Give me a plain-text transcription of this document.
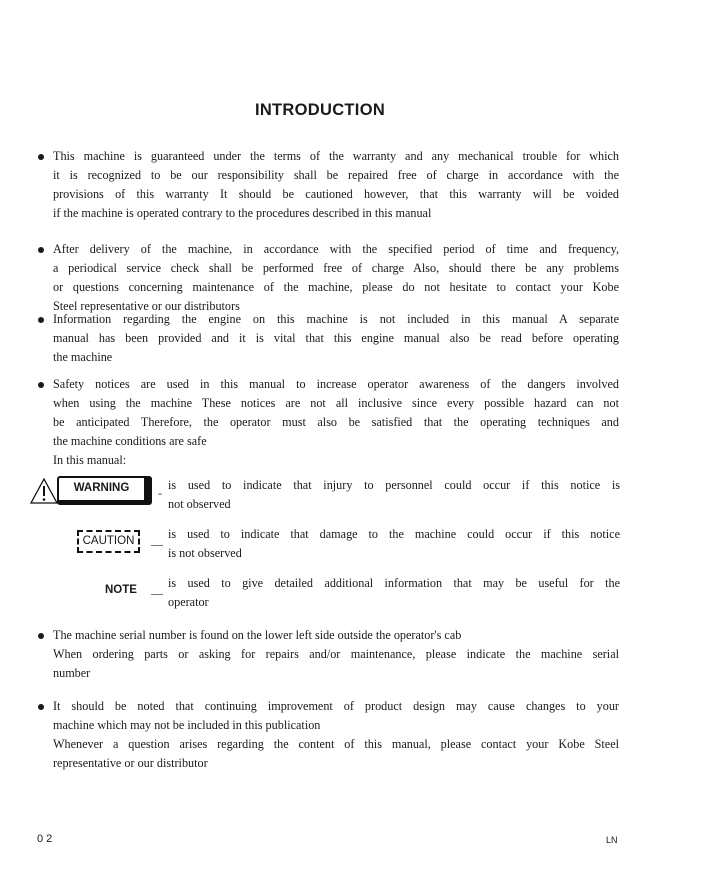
INTRODUCTION
This machine is guaranteed under the terms of the warranty and any mechanical trouble for which
it is recognized to be our responsibility shall be repaired free of charge in accordance with the
provisions of this warranty It should be cautioned however, that this warranty will be voided
if the machine is operated contrary to the procedures described in this manual
After delivery of the machine, in accordance with the specified period of time and frequency,
a periodical service check shall be performed free of charge Also, should there be any problems
or questions concerning maintenance of the machine, please do not hesitate to contact your Kobe
Steel representative or our distributors
Information regarding the engine on this machine is not included in this manual A separate
manual has been provided and it is vital that this engine manual also be read before operating
the machine
Safety notices are used in this manual to increase operator awareness of the dangers involved
when using the machine These notices are not all inclusive since every possible hazard can not
be anticipated Therefore, the operator must also be satisfied that the operating techniques and
the machine conditions are safe
In this manual:
WARNING	-
is used to indicate that injury to personnel could occur if this notice is
not observed
CAUTION	—
is used to indicate that damage to the machine could occur if this notice
is not observed
NOTE —
is used to give detailed additional information that may be useful for the
operator
The machine serial number is found on the lower left side outside the operator's cab
When ordering parts or asking for repairs and/or maintenance, please indicate the machine serial
number
It should be noted that continuing improvement of product design may cause changes to your
machine which may not be included in this publication
Whenever a question arises regarding the content of this manual, please contact your Kobe Steel
representative or our distributor
0 2	LN
